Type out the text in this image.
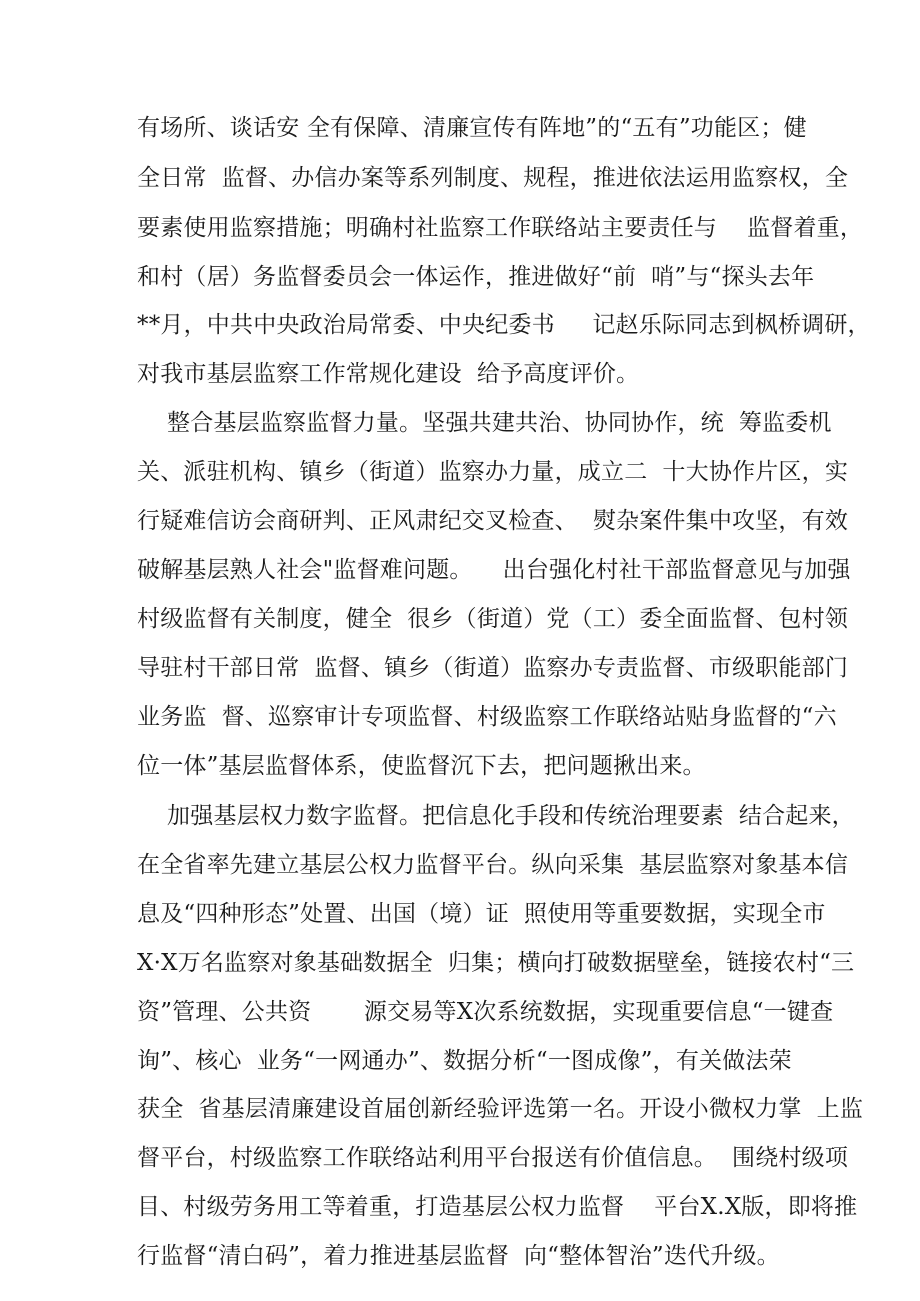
有场所、谈话安 全有保障、清廉宣传有阵地”的“五有”功能区；健
全日常  监督、办信办案等系列制度、规程，推进依法运用监察权，全
要素使用监察措施；明确村社监察工作联络站主要责任与    监督着重，
和村（居）务监督委员会一体运作，推进做好“前  哨”与“探头去年
**月，中共中央政治局常委、中央纪委书     记赵乐际同志到枫桥调研，
对我市基层监察工作常规化建设  给予高度评价。
整合基层监察监督力量。坚强共建共治、协同协作，统  筹监委机
关、派驻机构、镇乡（街道）监察办力量，成立二  十大协作片区，实
行疑难信访会商研判、正风肃纪交叉检查、  熨杂案件集中攻坚，有效
破解基层熟人社会"监督难问题。    出台强化村社干部监督意见与加强
村级监督有关制度，健全  很乡（街道）党（工）委全面监督、包村领
导驻村干部日常  监督、镇乡（街道）监察办专责监督、市级职能部门
业务监  督、巡察审计专项监督、村级监察工作联络站贴身监督的“六
位一体”基层监督体系，使监督沉下去，把问题揪出来。
加强基层权力数字监督。把信息化手段和传统治理要素  结合起来，
在全省率先建立基层公权力监督平台。纵向采集  基层监察对象基本信
息及“四种形态”处置、出国（境）证  照使用等重要数据，实现全市
X·X万名监察对象基础数据全  归集；横向打破数据壁垒，链接农村“三
资”管理、公共资       源交易等X次系统数据，实现重要信息“一键查
询”、核心  业务“一网通办”、数据分析“一图成像”，有关做法荣
获全  省基层清廉建设首届创新经验评选第一名。开设小微权力掌  上监
督平台，村级监察工作联络站利用平台报送有价值信息。  围绕村级项
目、村级劳务用工等着重，打造基层公权力监督    平台X.X版，即将推
行监督“清白码”，着力推进基层监督  向“整体智治”迭代升级。
